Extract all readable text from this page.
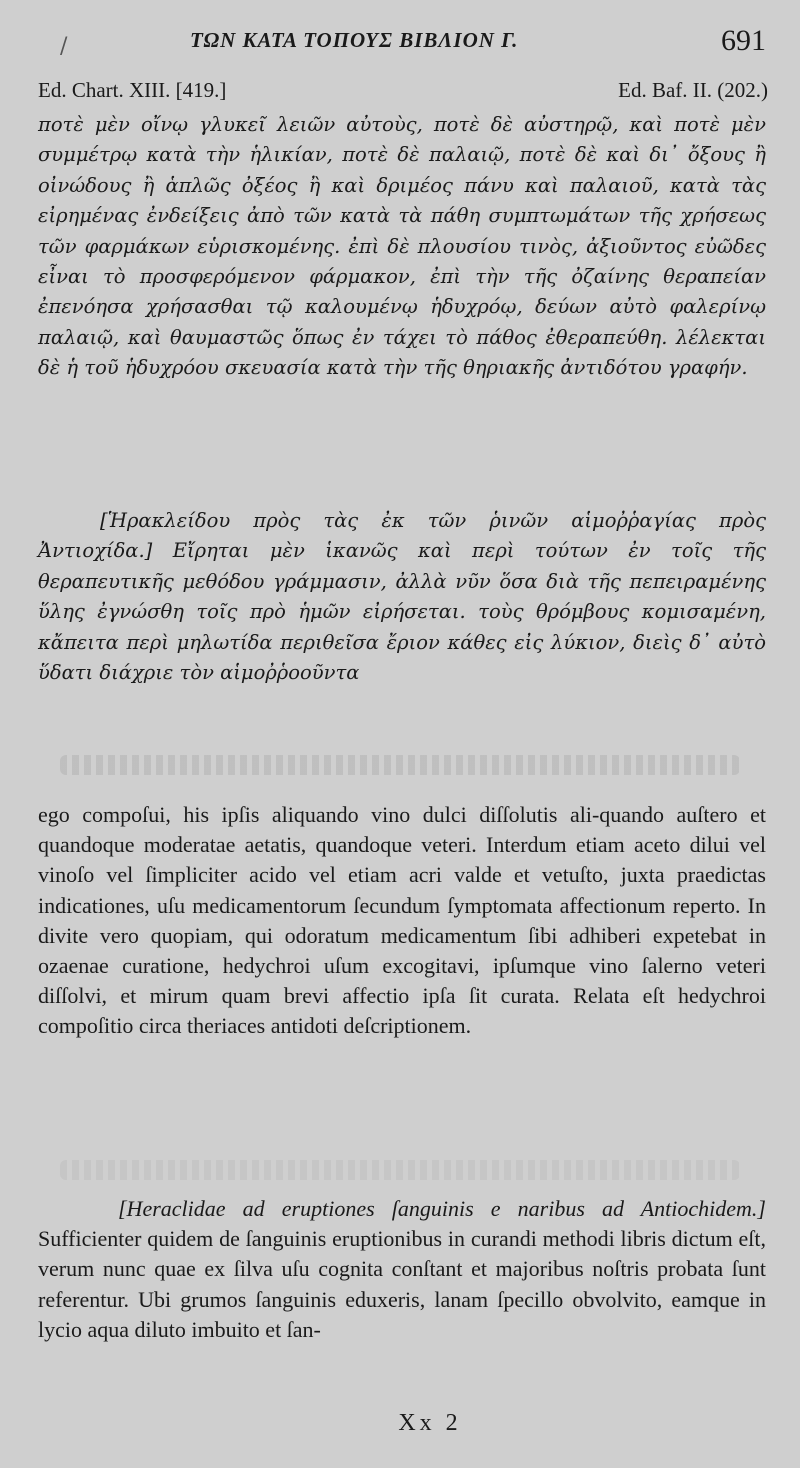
/	ΤΩΝ ΚΑΤΑ ΤΟΠΟΥΣ ΒΙΒΛΙΟΝ Γ.	691
Ed. Chart. XIII. [419.]	Ed. Baf. II. (202.)
ποτὲ μὲν οἴνῳ γλυκεῖ λειῶν αὐτοὺς, ποτὲ δὲ αὐστηρῷ, καὶ ποτὲ μὲν συμμέτρῳ κατὰ τὴν ἡλικίαν, ποτὲ δὲ παλαιῷ, ποτὲ δὲ καὶ δι᾽ ὄξους ἢ οἰνώδους ἢ ἁπλῶς ὀξέος ἢ καὶ δριμέος πάνυ καὶ παλαιοῦ, κατὰ τὰς εἰρημένας ἐνδείξεις ἀπὸ τῶν κατὰ τὰ πάθη συμπτωμάτων τῆς χρήσεως τῶν φαρμάκων εὑρισκομένης. ἐπὶ δὲ πλουσίου τινὸς, ἀξιοῦντος εὐῶδες εἶναι τὸ προσφερόμενον φάρμακον, ἐπὶ τὴν τῆς ὀζαίνης θεραπείαν ἐπενόησα χρήσασθαι τῷ καλουμένῳ ἡδυχρόῳ, δεύων αὐτὸ φαλερίνῳ παλαιῷ, καὶ θαυμαστῶς ὅπως ἐν τάχει τὸ πάθος ἐθεραπεύθη. λέλεκται δὲ ἡ τοῦ ἡδυχρόου σκευασία κατὰ τὴν τῆς θηριακῆς ἀντιδότου γραφήν.
[Ἡρακλείδου πρὸς τὰς ἐκ τῶν ῥινῶν αἱμοῤῥαγίας πρὸς Ἀντιοχίδα.] Εἴρηται μὲν ἱκανῶς καὶ περὶ τούτων ἐν τοῖς τῆς θεραπευτικῆς μεθόδου γράμμασιν, ἀλλὰ νῦν ὅσα διὰ τῆς πεπειραμένης ὕλης ἐγνώσθη τοῖς πρὸ ἡμῶν εἰρήσεται. τοὺς θρόμβους κομισαμένη, κἄπειτα περὶ μηλωτίδα περιθεῖσα ἔριον κάθες εἰς λύκιον, διεὶς δ᾽ αὐτὸ ὕδατι διάχριε τὸν αἱμοῤῥοοῦντα
ego compoſui, his ipſis aliquando vino dulci diſſolutis ali-quando auſtero et quandoque moderatae aetatis, quandoque veteri. Interdum etiam aceto dilui vel vinoſo vel ſimpliciter acido vel etiam acri valde et vetuſto, juxta praedictas indicationes, uſu medicamentorum ſecundum ſymptomata affectionum reperto. In divite vero quopiam, qui odoratum medicamentum ſibi adhiberi expetebat in ozaenae curatione, hedychroi uſum excogitavi, ipſumque vino ſalerno veteri diſſolvi, et mirum quam brevi affectio ipſa ſit curata. Relata eſt hedychroi compoſitio circa theriaces antidoti deſcriptionem.
[Heraclidae ad eruptiones ſanguinis e naribus ad Antiochidem.] Sufficienter quidem de ſanguinis eruptionibus in curandi methodi libris dictum eſt, verum nunc quae ex ſilva uſu cognita conſtant et majoribus noſtris probata ſunt referentur. Ubi grumos ſanguinis eduxeris, lanam ſpecillo obvolvito, eamque in lycio aqua diluto imbuito et ſan-
Xx 2
